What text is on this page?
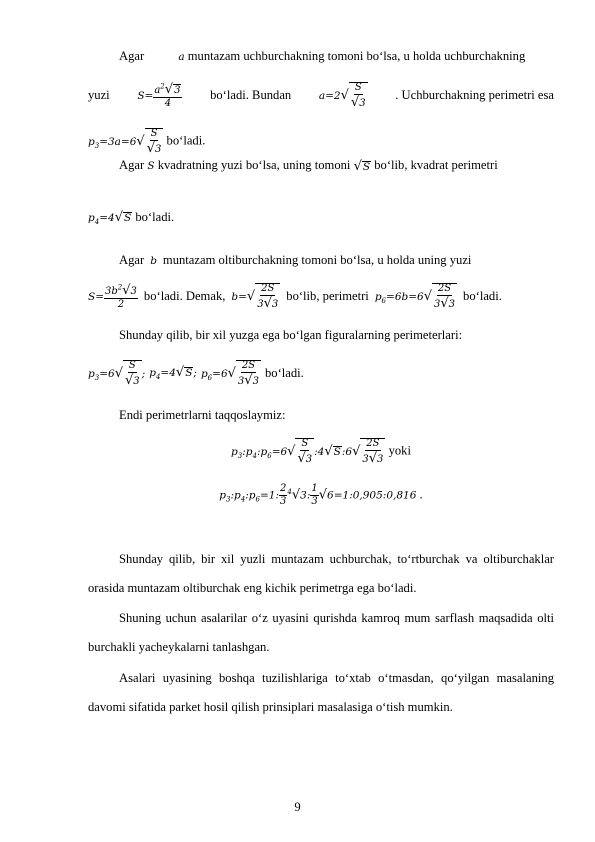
Agar	a muntazam uchburchakning tomoni bo‘lsa, u holda uchburchakning

yuzi	$S= \frac{a^2√3}{4}$ bo‘ladi. Bundan	$a=2√ \frac{S}{√3}$ . Uchburchakning perimetri esa
$p_3=3a=6√ \frac{S}{√3}$ bo‘ladi.
Agar S kvadratning yuzi bo‘lsa, uning tomoni √S bo‘lib, kvadrat perimetri
$p_4=4√S$ bo‘ladi.
Agar b muntazam oltiburchakning tomoni bo‘lsa, u holda uning yuzi
$S= \frac{3b^2√3}{2}$ bo‘ladi. Demak, $b=√ \frac{2S}{3√3}$ bo‘lib, perimetri $p_6=6b=6√ \frac{2S}{3√3}$ bo‘ladi.
Shunday qilib, bir xil yuzga ega bo‘lgan figuralarning perimeterlari:
$p_3=6√ \frac{S}{√3}$ ; $p_4=4√S$; $p_6=6√ \frac{2S}{3√3}$ bo‘ladi.
Endi perimetrlarni taqqoslaymiz:
$p_3:p_4:p_6=6√ \frac{S}{√3}$ :4√S:6√ $\frac{2S}{3√3}$ yoki
$p_3:p_4:p_6=1$: $\frac{2}{3} ^4√3$: $\frac{1}{3}$ √6=1:0,905:0,816 .

Shunday qilib, bir xil yuzli muntazam uchburchak, to‘rtburchak va oltiburchaklar orasida muntazam oltiburchak eng kichik perimetrga ega bo‘ladi.

Shuning uchun asalarilar o‘z uyasini qurishda kamroq mum sarflash maqsadida olti burchakli yacheykalarni tanlashgan.

Asalari uyasining boshqa tuzilishlariga to‘xtab o‘tmasdan, qo‘yilgan masalaning davomi sifatida parket hosil qilish prinsiplari masalasiga o‘tish mumkin.

9
